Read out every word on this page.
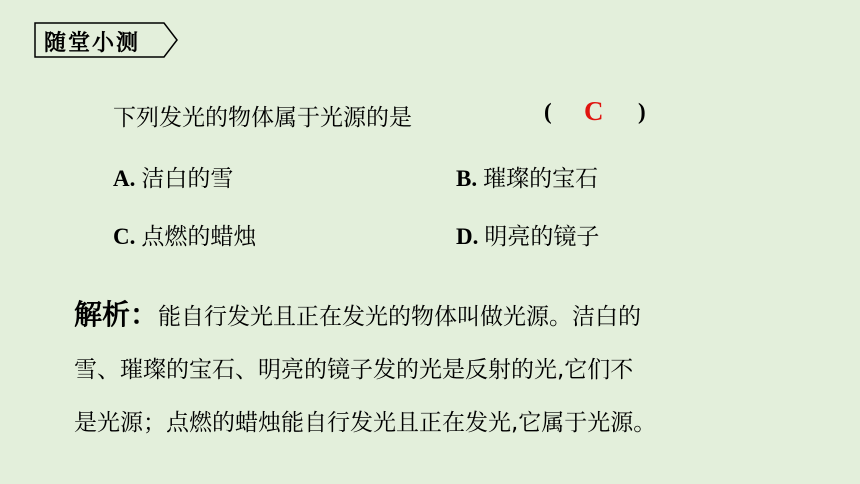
随堂小测
下列发光的物体属于光源的是	( C )
A. 洁白的雪	B. 璀璨的宝石
C. 点燃的蜡烛	D. 明亮的镜子
解析：能自行发光且正在发光的物体叫做光源。洁白的
雪、璀璨的宝石、明亮的镜子发的光是反射的光,它们不
是光源；点燃的蜡烛能自行发光且正在发光,它属于光源。
